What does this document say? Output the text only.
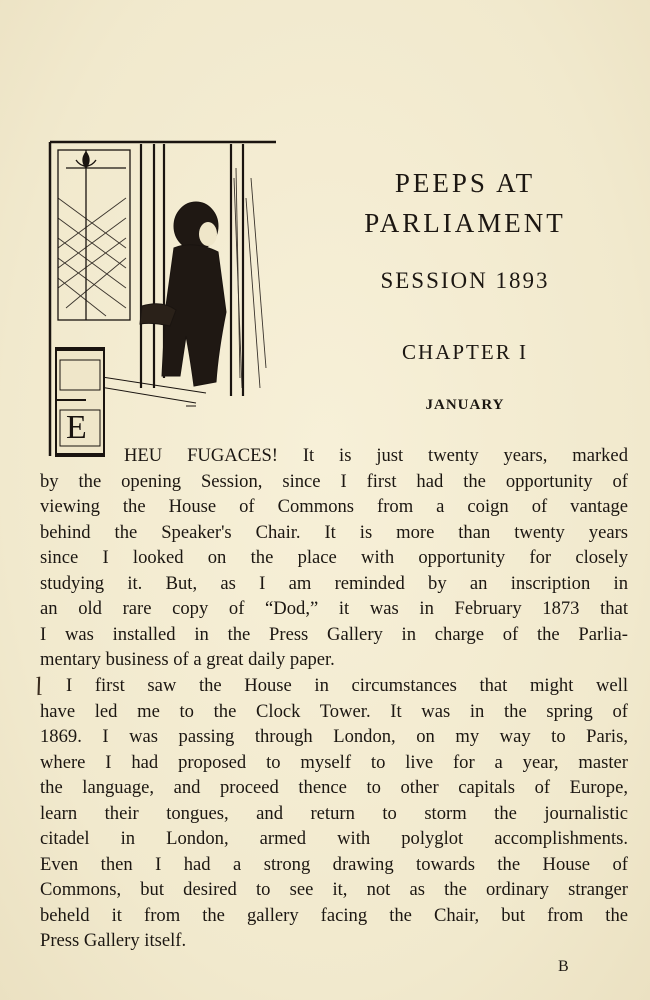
E
PEEPS AT
PARLIAMENT
SESSION 1893
CHAPTER I
JANUARY
HEU FUGACES! It is just twenty years, marked
by the opening Session, since I first had the opportunity of
viewing the House of Commons from a coign of vantage
behind the Speaker's Chair. It is more than twenty years
since I looked on the place with opportunity for closely
studying it. But, as I am reminded by an inscription in
an old rare copy of “Dod,” it was in February 1873 that
I was installed in the Press Gallery in charge of the Parlia-
mentary business of a great daily paper.
I first saw the House in circumstances that might well
have led me to the Clock Tower. It was in the spring of
1869. I was passing through London, on my way to Paris,
where I had proposed to myself to live for a year, master
the language, and proceed thence to other capitals of Europe,
learn their tongues, and return to storm the journalistic
citadel in London, armed with polyglot accomplishments.
Even then I had a strong drawing towards the House of
Commons, but desired to see it, not as the ordinary stranger
beheld it from the gallery facing the Chair, but from the
Press Gallery itself.
l
B
